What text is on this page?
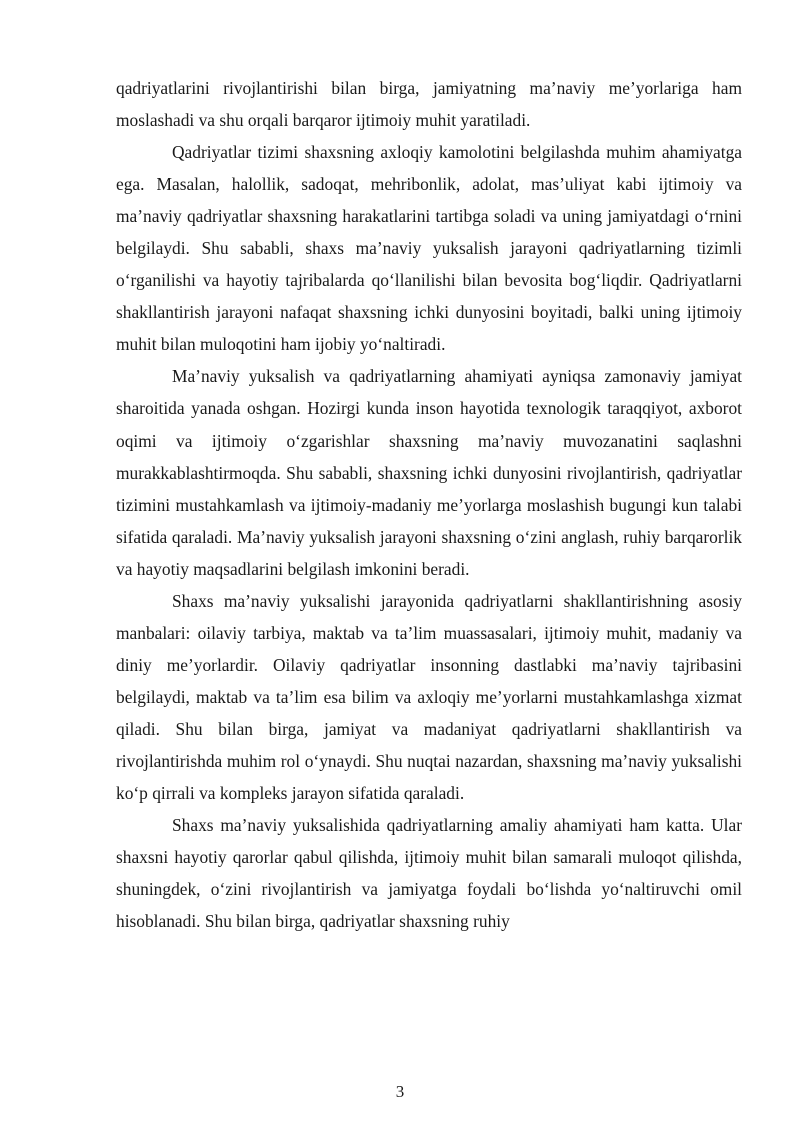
qadriyatlarini rivojlantirishi bilan birga, jamiyatning ma’naviy me’yorlariga ham moslashadi va shu orqali barqaror ijtimoiy muhit yaratiladi.

Qadriyatlar tizimi shaxsning axloqiy kamolotini belgilashda muhim ahamiyatga ega. Masalan, halollik, sadoqat, mehribonlik, adolat, mas’uliyat kabi ijtimoiy va ma’naviy qadriyatlar shaxsning harakatlarini tartibga soladi va uning jamiyatdagi o‘rnini belgilaydi. Shu sababli, shaxs ma’naviy yuksalish jarayoni qadriyatlarning tizimli o‘rganilishi va hayotiy tajribalarda qo‘llanilishi bilan bevosita bog‘liqdir. Qadriyatlarni shakllantirish jarayoni nafaqat shaxsning ichki dunyosini boyitadi, balki uning ijtimoiy muhit bilan muloqotini ham ijobiy yo‘naltiradi.

Ma’naviy yuksalish va qadriyatlarning ahamiyati ayniqsa zamonaviy jamiyat sharoitida yanada oshgan. Hozirgi kunda inson hayotida texnologik taraqqiyot, axborot oqimi va ijtimoiy o‘zgarishlar shaxsning ma’naviy muvozanatini saqlashni murakkablashtirmoqda. Shu sababli, shaxsning ichki dunyosini rivojlantirish, qadriyatlar tizimini mustahkamlash va ijtimoiy-madaniy me’yorlarga moslashish bugungi kun talabi sifatida qaraladi. Ma’naviy yuksalish jarayoni shaxsning o‘zini anglash, ruhiy barqarorlik va hayotiy maqsadlarini belgilash imkonini beradi.

Shaxs ma’naviy yuksalishi jarayonida qadriyatlarni shakllantirishning asosiy manbalari: oilaviy tarbiya, maktab va ta’lim muassasalari, ijtimoiy muhit, madaniy va diniy me’yorlardir. Oilaviy qadriyatlar insonning dastlabki ma’naviy tajribasini belgilaydi, maktab va ta’lim esa bilim va axloqiy me’yorlarni mustahkamlashga xizmat qiladi. Shu bilan birga, jamiyat va madaniyat qadriyatlarni shakllantirish va rivojlantirishda muhim rol o‘ynaydi. Shu nuqtai nazardan, shaxsning ma’naviy yuksalishi ko‘p qirrali va kompleks jarayon sifatida qaraladi.

Shaxs ma’naviy yuksalishida qadriyatlarning amaliy ahamiyati ham katta. Ular shaxsni hayotiy qarorlar qabul qilishda, ijtimoiy muhit bilan samarali muloqot qilishda, shuningdek, o‘zini rivojlantirish va jamiyatga foydali bo‘lishda yo‘naltiruvchi omil hisoblanadi. Shu bilan birga, qadriyatlar shaxsning ruhiy

3
